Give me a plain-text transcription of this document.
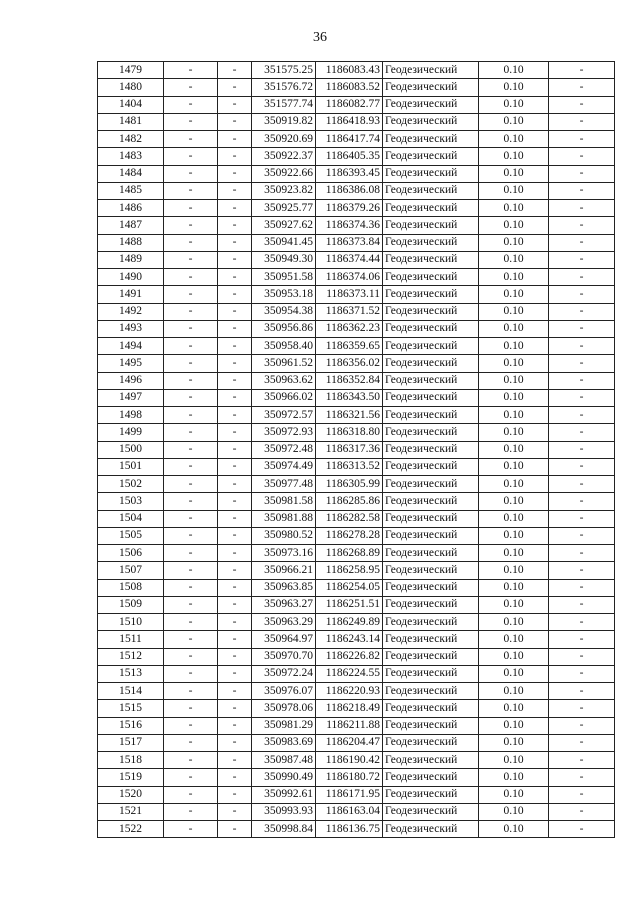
36
1479	-	-	351575.25	1186083.43	Геодезический	0.10	-
1480	-	-	351576.72	1186083.52	Геодезический	0.10	-
1404	-	-	351577.74	1186082.77	Геодезический	0.10	-
1481	-	-	350919.82	1186418.93	Геодезический	0.10	-
1482	-	-	350920.69	1186417.74	Геодезический	0.10	-
1483	-	-	350922.37	1186405.35	Геодезический	0.10	-
1484	-	-	350922.66	1186393.45	Геодезический	0.10	-
1485	-	-	350923.82	1186386.08	Геодезический	0.10	-
1486	-	-	350925.77	1186379.26	Геодезический	0.10	-
1487	-	-	350927.62	1186374.36	Геодезический	0.10	-
1488	-	-	350941.45	1186373.84	Геодезический	0.10	-
1489	-	-	350949.30	1186374.44	Геодезический	0.10	-
1490	-	-	350951.58	1186374.06	Геодезический	0.10	-
1491	-	-	350953.18	1186373.11	Геодезический	0.10	-
1492	-	-	350954.38	1186371.52	Геодезический	0.10	-
1493	-	-	350956.86	1186362.23	Геодезический	0.10	-
1494	-	-	350958.40	1186359.65	Геодезический	0.10	-
1495	-	-	350961.52	1186356.02	Геодезический	0.10	-
1496	-	-	350963.62	1186352.84	Геодезический	0.10	-
1497	-	-	350966.02	1186343.50	Геодезический	0.10	-
1498	-	-	350972.57	1186321.56	Геодезический	0.10	-
1499	-	-	350972.93	1186318.80	Геодезический	0.10	-
1500	-	-	350972.48	1186317.36	Геодезический	0.10	-
1501	-	-	350974.49	1186313.52	Геодезический	0.10	-
1502	-	-	350977.48	1186305.99	Геодезический	0.10	-
1503	-	-	350981.58	1186285.86	Геодезический	0.10	-
1504	-	-	350981.88	1186282.58	Геодезический	0.10	-
1505	-	-	350980.52	1186278.28	Геодезический	0.10	-
1506	-	-	350973.16	1186268.89	Геодезический	0.10	-
1507	-	-	350966.21	1186258.95	Геодезический	0.10	-
1508	-	-	350963.85	1186254.05	Геодезический	0.10	-
1509	-	-	350963.27	1186251.51	Геодезический	0.10	-
1510	-	-	350963.29	1186249.89	Геодезический	0.10	-
1511	-	-	350964.97	1186243.14	Геодезический	0.10	-
1512	-	-	350970.70	1186226.82	Геодезический	0.10	-
1513	-	-	350972.24	1186224.55	Геодезический	0.10	-
1514	-	-	350976.07	1186220.93	Геодезический	0.10	-
1515	-	-	350978.06	1186218.49	Геодезический	0.10	-
1516	-	-	350981.29	1186211.88	Геодезический	0.10	-
1517	-	-	350983.69	1186204.47	Геодезический	0.10	-
1518	-	-	350987.48	1186190.42	Геодезический	0.10	-
1519	-	-	350990.49	1186180.72	Геодезический	0.10	-
1520	-	-	350992.61	1186171.95	Геодезический	0.10	-
1521	-	-	350993.93	1186163.04	Геодезический	0.10	-
1522	-	-	350998.84	1186136.75	Геодезический	0.10	-
